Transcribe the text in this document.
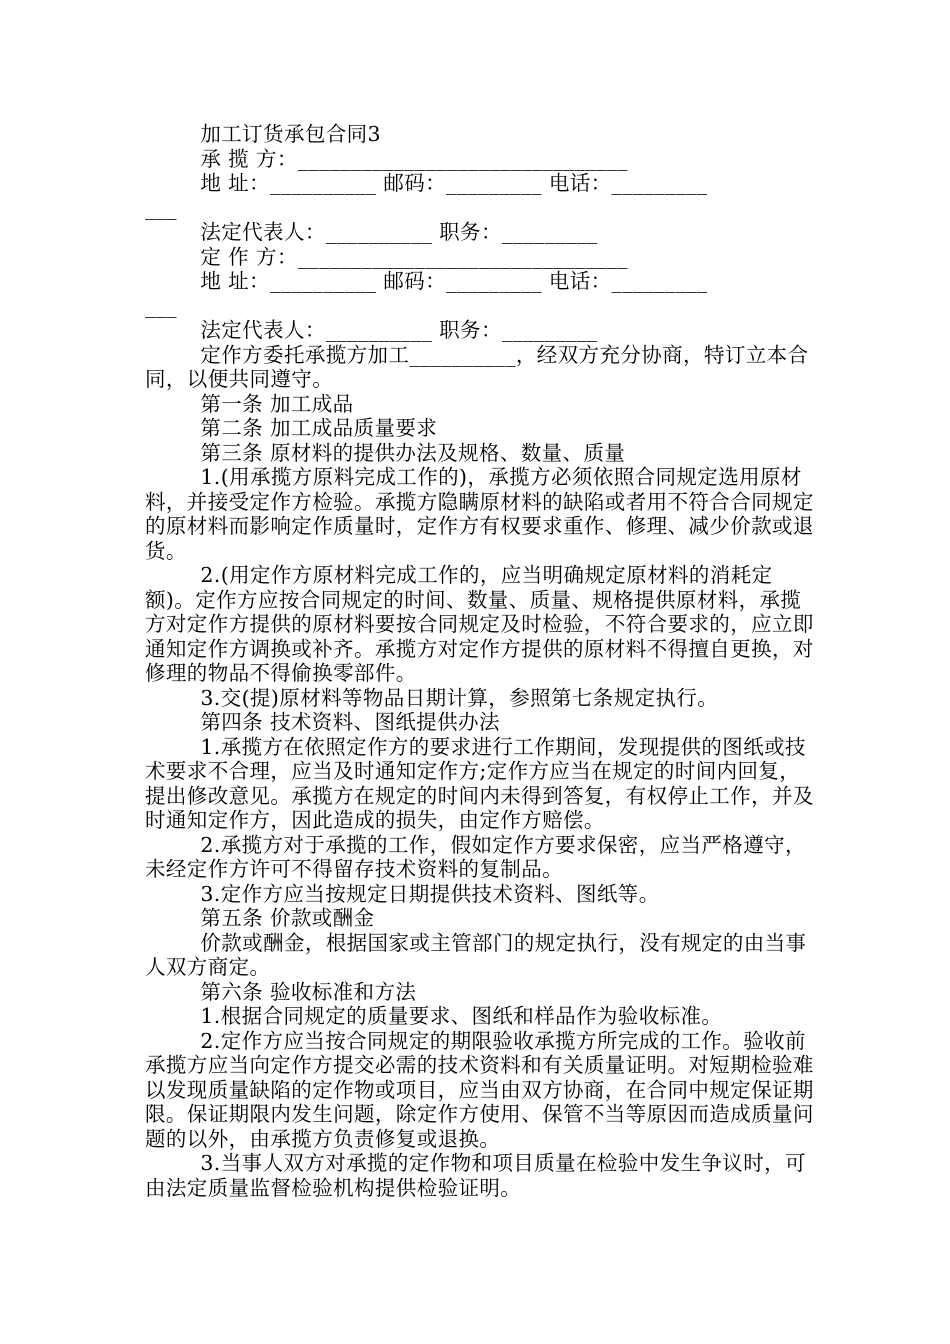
加工订货承包合同3

承 揽 方：_______________________________

地 址：__________ 邮码：_________ 电话：_________

___

法定代表人：__________ 职务：_________

定 作 方：_______________________________

地 址：__________ 邮码：_________ 电话：_________

___

法定代表人：__________ 职务：_________

定作方委托承揽方加工__________，经双方充分协商，特订立本合同，以便共同遵守。

第一条 加工成品

第二条 加工成品质量要求

第三条 原材料的提供办法及规格、数量、质量

1.(用承揽方原料完成工作的)，承揽方必须依照合同规定选用原材料，并接受定作方检验。承揽方隐瞒原材料的缺陷或者用不符合合同规定的原材料而影响定作质量时，定作方有权要求重作、修理、减少价款或退货。

2.(用定作方原材料完成工作的，应当明确规定原材料的消耗定额)。定作方应按合同规定的时间、数量、质量、规格提供原材料，承揽方对定作方提供的原材料要按合同规定及时检验，不符合要求的，应立即通知定作方调换或补齐。承揽方对定作方提供的原材料不得擅自更换，对修理的物品不得偷换零部件。

3.交(提)原材料等物品日期计算，参照第七条规定执行。

第四条 技术资料、图纸提供办法

1.承揽方在依照定作方的要求进行工作期间，发现提供的图纸或技术要求不合理，应当及时通知定作方;定作方应当在规定的时间内回复，提出修改意见。承揽方在规定的时间内未得到答复，有权停止工作，并及时通知定作方，因此造成的损失，由定作方赔偿。

2.承揽方对于承揽的工作，假如定作方要求保密，应当严格遵守，未经定作方许可不得留存技术资料的复制品。

3.定作方应当按规定日期提供技术资料、图纸等。

第五条 价款或酬金

价款或酬金，根据国家或主管部门的规定执行，没有规定的由当事人双方商定。

第六条 验收标准和方法

1.根据合同规定的质量要求、图纸和样品作为验收标准。

2.定作方应当按合同规定的期限验收承揽方所完成的工作。验收前承揽方应当向定作方提交必需的技术资料和有关质量证明。对短期检验难以发现质量缺陷的定作物或项目，应当由双方协商，在合同中规定保证期限。保证期限内发生问题，除定作方使用、保管不当等原因而造成质量问题的以外，由承揽方负责修复或退换。

3.当事人双方对承揽的定作物和项目质量在检验中发生争议时，可由法定质量监督检验机构提供检验证明。
